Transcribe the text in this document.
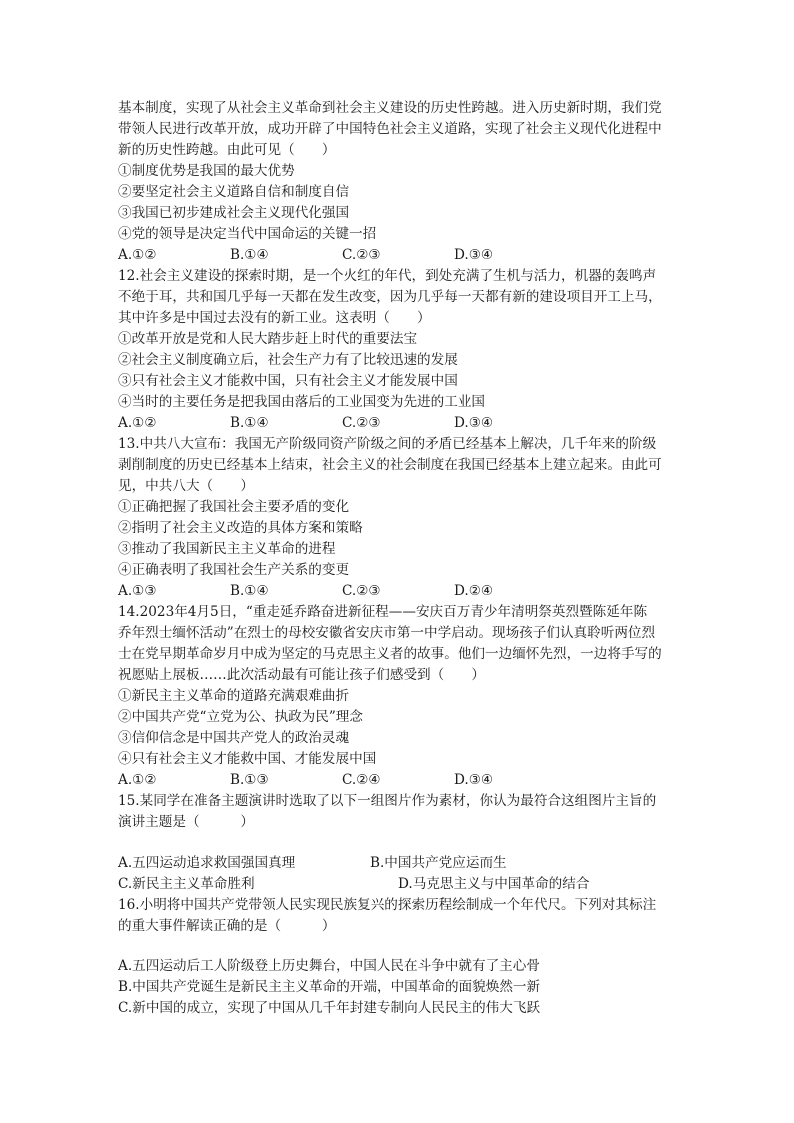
基本制度，实现了从社会主义革命到社会主义建设的历史性跨越。进入历史新时期，我们党
带领人民进行改革开放，成功开辟了中国特色社会主义道路，实现了社会主义现代化进程中
新的历史性跨越。由此可见（　　）
①制度优势是我国的最大优势
②要坚定社会主义道路自信和制度自信
③我国已初步建成社会主义现代化强国
④党的领导是决定当代中国命运的关键一招
A.①②	B.①④	C.②③	D.③④
12.社会主义建设的探索时期，是一个火红的年代，到处充满了生机与活力，机器的轰鸣声
不绝于耳，共和国几乎每一天都在发生改变，因为几乎每一天都有新的建设项目开工上马，
其中许多是中国过去没有的新工业。这表明（　　）
①改革开放是党和人民大踏步赶上时代的重要法宝
②社会主义制度确立后，社会生产力有了比较迅速的发展
③只有社会主义才能救中国，只有社会主义才能发展中国
④当时的主要任务是把我国由落后的工业国变为先进的工业国
A.①②	B.①④	C.②③	D.③④
13.中共八大宣布：我国无产阶级同资产阶级之间的矛盾已经基本上解决，几千年来的阶级
剥削制度的历史已经基本上结束，社会主义的社会制度在我国已经基本上建立起来。由此可
见，中共八大（　　）
①正确把握了我国社会主要矛盾的变化
②指明了社会主义改造的具体方案和策略
③推动了我国新民主主义革命的进程
④正确表明了我国社会生产关系的变更
A.①③	B.①④	C.②③	D.②④
14.2023年4月5日，“重走延乔路奋进新征程——安庆百万青少年清明祭英烈暨陈延年陈
乔年烈士缅怀活动”在烈士的母校安徽省安庆市第一中学启动。现场孩子们认真聆听两位烈
士在党早期革命岁月中成为坚定的马克思主义者的故事。他们一边缅怀先烈，一边将手写的
祝愿贴上展板……此次活动最有可能让孩子们感受到（　　）
①新民主主义革命的道路充满艰难曲折
②中国共产党“立党为公、执政为民”理念
③信仰信念是中国共产党人的政治灵魂
④只有社会主义才能救中国、才能发展中国
A.①②	B.①③	C.②④	D.③④
15.某同学在准备主题演讲时选取了以下一组图片作为素材，你认为最符合这组图片主旨的
演讲主题是（　　　）
A.五四运动追求救国强国真理	B.中国共产党应运而生
C.新民主主义革命胜利	D.马克思主义与中国革命的结合
16.小明将中国共产党带领人民实现民族复兴的探索历程绘制成一个年代尺。下列对其标注
的重大事件解读正确的是（　　　）
A.五四运动后工人阶级登上历史舞台，中国人民在斗争中就有了主心骨
B.中国共产党诞生是新民主主义革命的开端，中国革命的面貌焕然一新
C.新中国的成立，实现了中国从几千年封建专制向人民民主的伟大飞跃
